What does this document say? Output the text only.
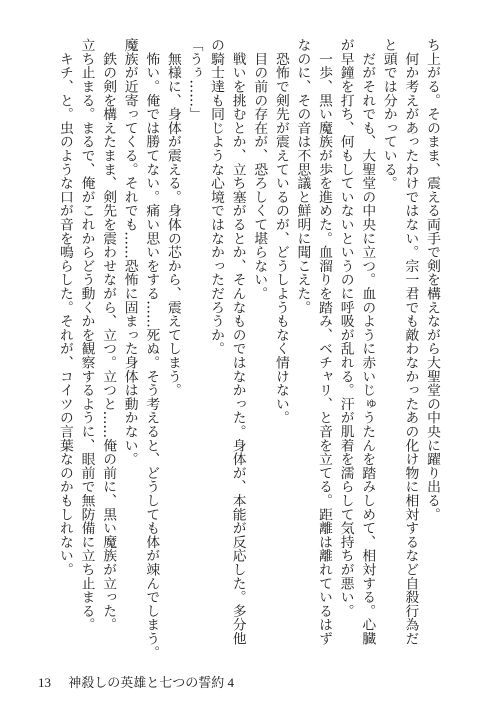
ち上がる。そのまま、震える両手で剣を構えながら大聖堂の中央に躍り出る。
　何か考えがあったわけではない。宗一君でも敵わなかったあの化け物に相対するなど自殺行為だ
と頭では分かっている。
　だがそれでも、大聖堂の中央に立つ。血のように赤いじゅうたんを踏みしめて、相対する。心臓
が早鐘を打ち、何もしていないというのに呼吸が乱れる。汗が肌着を濡らして気持ちが悪い。
　一歩、黒い魔族が歩を進めた。血溜りを踏み、ベチャリ、と音を立てる。距離は離れているはず
なのに、その音は不思議と鮮明に聞こえた。
　恐怖で剣先が震えているのが、どうしようもなく情けない。
　目の前の存在が、恐ろしくて堪らない。
　戦いを挑むとか、立ち塞がるとか、そんなものではなかった。身体が、本能が反応した。多分他
の騎士達も同じような心境ではなかっただろうか。
「うぅ……」
　無様に、身体が震える。身体の芯から、震えてしまう。
　怖い。俺では勝てない。痛い思いをする……死ぬ。そう考えると、どうしても体が竦んでしまう。
魔族が近寄ってくる。それでも……恐怖に固まった身体は動かない。
　鉄の剣を構えたまま、剣先を震わせながら、立つ。立つと……俺の前に、黒い魔族が立った。
立ち止まる。まるで、俺がこれからどう動くかを観察するように、眼前で無防備に立ち止まる。
　キチ、と。虫のような口が音を鳴らした。それが、コイツの言葉なのかもしれない。
13 神殺しの英雄と七つの誓約 4
